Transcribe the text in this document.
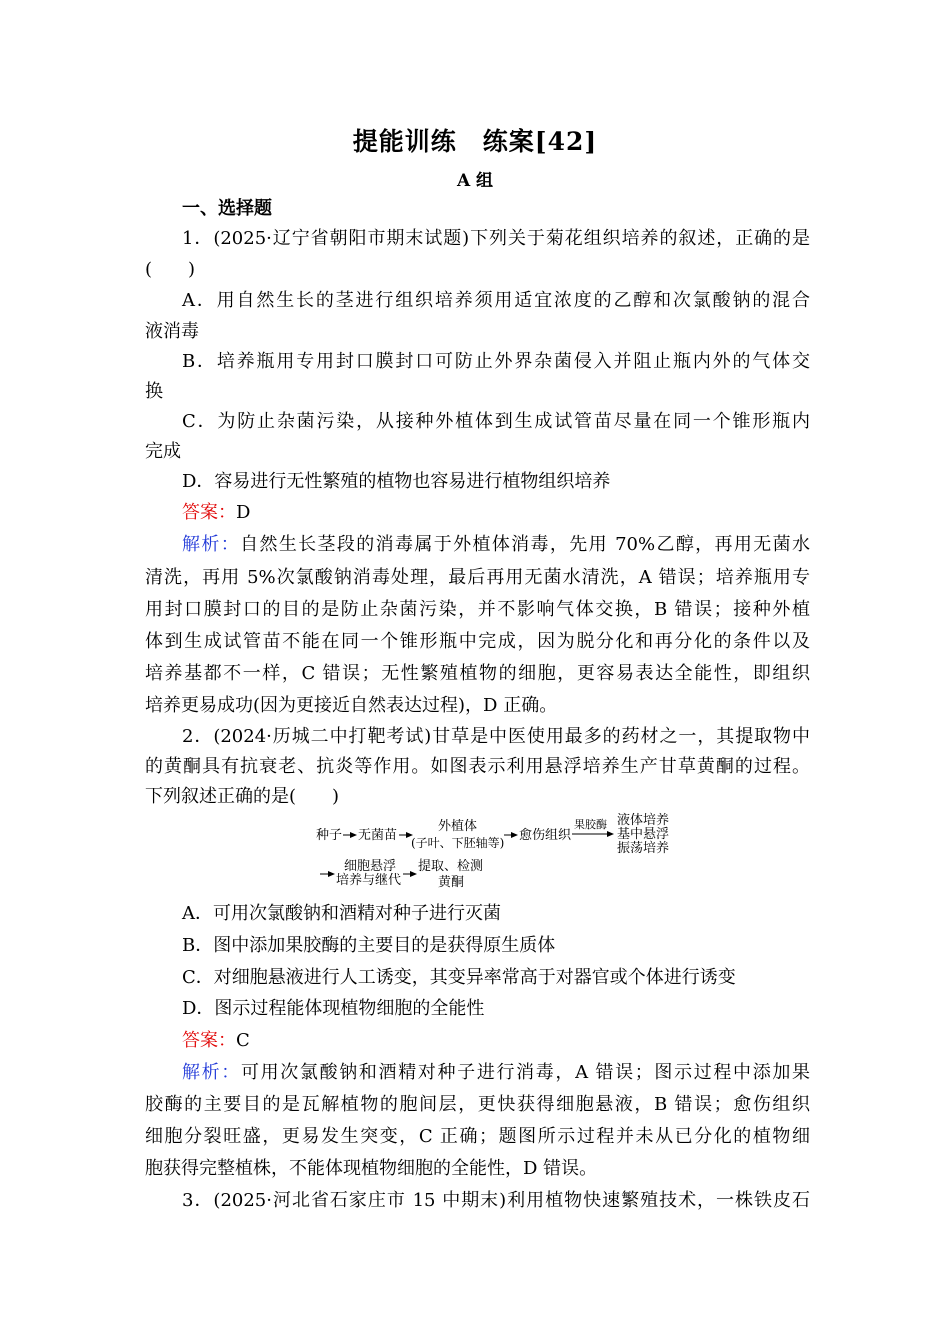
提能训练　练案[42]
A 组
一、选择题
1．(2025·辽宁省朝阳市期末试题)下列关于菊花组织培养的叙述，正确的是
(　　)
A．用自然生长的茎进行组织培养须用适宜浓度的乙醇和次氯酸钠的混合
液消毒
B．培养瓶用专用封口膜封口可防止外界杂菌侵入并阻止瓶内外的气体交
换
C．为防止杂菌污染，从接种外植体到生成试管苗尽量在同一个锥形瓶内
完成
D．容易进行无性繁殖的植物也容易进行植物组织培养
答案：D
解析：自然生长茎段的消毒属于外植体消毒，先用 70%乙醇，再用无菌水
清洗，再用 5%次氯酸钠消毒处理，最后再用无菌水清洗，A 错误；培养瓶用专
用封口膜封口的目的是防止杂菌污染，并不影响气体交换，B 错误；接种外植
体到生成试管苗不能在同一个锥形瓶中完成，因为脱分化和再分化的条件以及
培养基都不一样，C 错误；无性繁殖植物的细胞，更容易表达全能性，即组织
培养更易成功(因为更接近自然表达过程)，D 正确。
2．(2024·历城二中打靶考试)甘草是中医使用最多的药材之一，其提取物中
的黄酮具有抗衰老、抗炎等作用。如图表示利用悬浮培养生产甘草黄酮的过程。
下列叙述正确的是(　　)
种子 无菌苗
外植体
(子叶、下胚轴等) 愈伤组织
果胶酶 液体培养
基中悬浮
振荡培养
细胞悬浮
培养与继代
提取、检测
黄酮
A．可用次氯酸钠和酒精对种子进行灭菌
B．图中添加果胶酶的主要目的是获得原生质体
C．对细胞悬液进行人工诱变，其变异率常高于对器官或个体进行诱变
D．图示过程能体现植物细胞的全能性
答案：C
解析：可用次氯酸钠和酒精对种子进行消毒，A 错误；图示过程中添加果
胶酶的主要目的是瓦解植物的胞间层，更快获得细胞悬液，B 错误；愈伤组织
细胞分裂旺盛，更易发生突变，C 正确；题图所示过程并未从已分化的植物细
胞获得完整植株，不能体现植物细胞的全能性，D 错误。
3．(2025·河北省石家庄市 15 中期末)利用植物快速繁殖技术，一株铁皮石
